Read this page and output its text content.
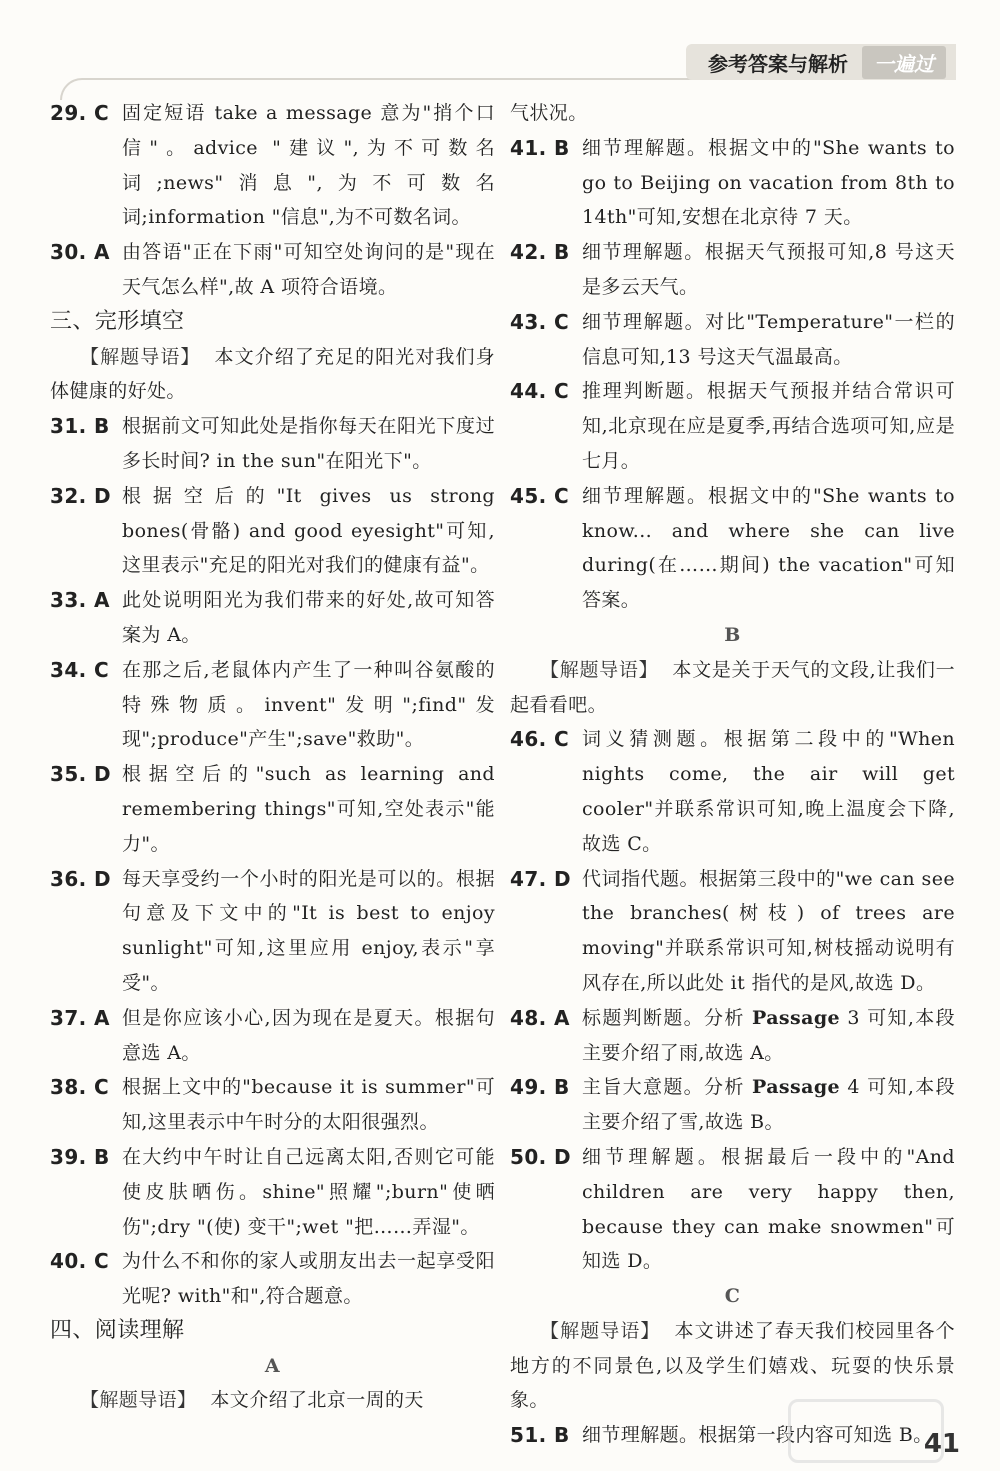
参考答案与解析	一遍过
29. C 固定短语 take a message 意为"捎个口信"。advice "建议",为不可数名词;news"消息",为不可数名词;information "信息",为不可数名词。
30. A 由答语"正在下雨"可知空处询问的是"现在天气怎么样",故 A 项符合语境。
三、完形填空
【解题导语】 本文介绍了充足的阳光对我们身体健康的好处。
31. B 根据前文可知此处是指你每天在阳光下度过多长时间? in the sun"在阳光下"。
32. D 根据空后的"It gives us strong bones(骨骼) and good eyesight"可知,这里表示"充足的阳光对我们的健康有益"。
33. A 此处说明阳光为我们带来的好处,故可知答案为 A。
34. C 在那之后,老鼠体内产生了一种叫谷氨酸的特殊物质。invent"发明";find"发现";produce"产生";save"救助"。
35. D 根据空后的"such as learning and remembering things"可知,空处表示"能力"。
36. D 每天享受约一个小时的阳光是可以的。根据句意及下文中的"It is best to enjoy sunlight"可知,这里应用 enjoy,表示"享受"。
37. A 但是你应该小心,因为现在是夏天。根据句意选 A。
38. C 根据上文中的"because it is summer"可知,这里表示中午时分的太阳很强烈。
39. B 在大约中午时让自己远离太阳,否则它可能使皮肤晒伤。shine"照耀";burn"使晒伤";dry "(使) 变干";wet "把……弄湿"。
40. C 为什么不和你的家人或朋友出去一起享受阳光呢? with"和",符合题意。
四、阅读理解
A
【解题导语】 本文介绍了北京一周的天
气状况。
41. B 细节理解题。根据文中的"She wants to go to Beijing on vacation from 8th to 14th"可知,安想在北京待 7 天。
42. B 细节理解题。根据天气预报可知,8 号这天是多云天气。
43. C 细节理解题。对比"Temperature"一栏的信息可知,13 号这天气温最高。
44. C 推理判断题。根据天气预报并结合常识可知,北京现在应是夏季,再结合选项可知,应是七月。
45. C 细节理解题。根据文中的"She wants to know... and where she can live during(在……期间) the vacation"可知答案。
B
【解题导语】 本文是关于天气的文段,让我们一起看看吧。
46. C 词义猜测题。根据第二段中的"When nights come, the air will get cooler"并联系常识可知,晚上温度会下降,故选 C。
47. D 代词指代题。根据第三段中的"we can see the branches(树枝) of trees are moving"并联系常识可知,树枝摇动说明有风存在,所以此处 it 指代的是风,故选 D。
48. A 标题判断题。分析 Passage 3 可知,本段主要介绍了雨,故选 A。
49. B 主旨大意题。分析 Passage 4 可知,本段主要介绍了雪,故选 B。
50. D 细节理解题。根据最后一段中的"And children are very happy then, because they can make snowmen"可知选 D。
C
【解题导语】 本文讲述了春天我们校园里各个地方的不同景色,以及学生们嬉戏、玩耍的快乐景象。
51. B 细节理解题。根据第一段内容可知选 B。
41
